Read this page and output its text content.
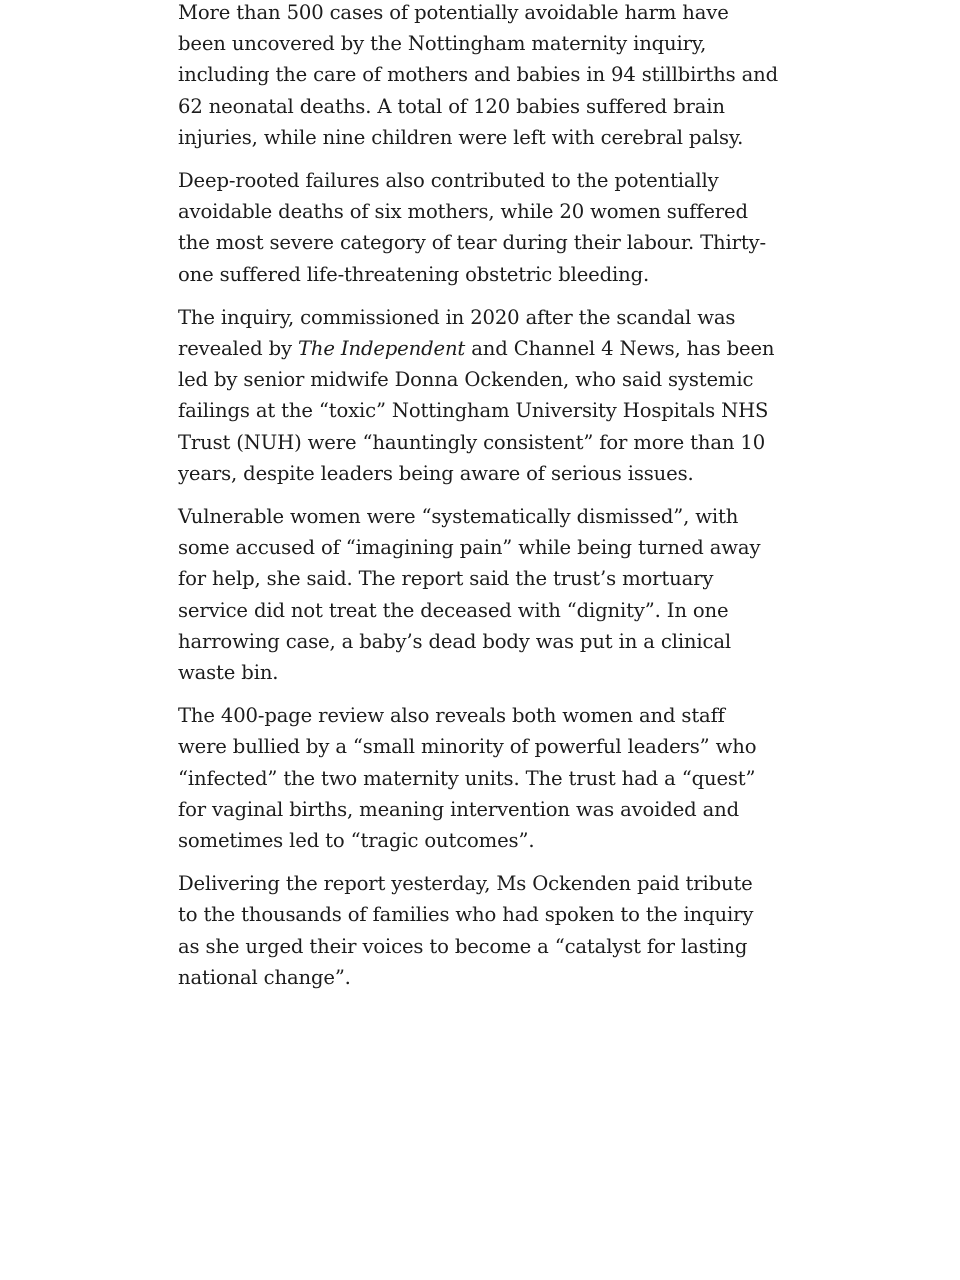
More than 500 cases of potentially avoidable harm have been uncovered by the Nottingham maternity inquiry, including the care of mothers and babies in 94 stillbirths and 62 neonatal deaths. A total of 120 babies suffered brain injuries, while nine children were left with cerebral palsy.

Deep-rooted failures also contributed to the potentially avoidable deaths of six mothers, while 20 women suffered the most severe category of tear during their labour. Thirty-one suffered life-threatening obstetric bleeding.

The inquiry, commissioned in 2020 after the scandal was revealed by The Independent and Channel 4 News, has been led by senior midwife Donna Ockenden, who said systemic failings at the “toxic” Nottingham University Hospitals NHS Trust (NUH) were “hauntingly consistent” for more than 10 years, despite leaders being aware of serious issues.

Vulnerable women were “systematically dismissed”, with some accused of “imagining pain” while being turned away for help, she said. The report said the trust’s mortuary service did not treat the deceased with “dignity”. In one harrowing case, a baby’s dead body was put in a clinical waste bin.

The 400-page review also reveals both women and staff were bullied by a “small minority of powerful leaders” who “infected” the two maternity units. The trust had a “quest” for vaginal births, meaning intervention was avoided and sometimes led to “tragic outcomes”.

Delivering the report yesterday, Ms Ockenden paid tribute to the thousands of families who had spoken to the inquiry as she urged their voices to become a “catalyst for lasting national change”.
